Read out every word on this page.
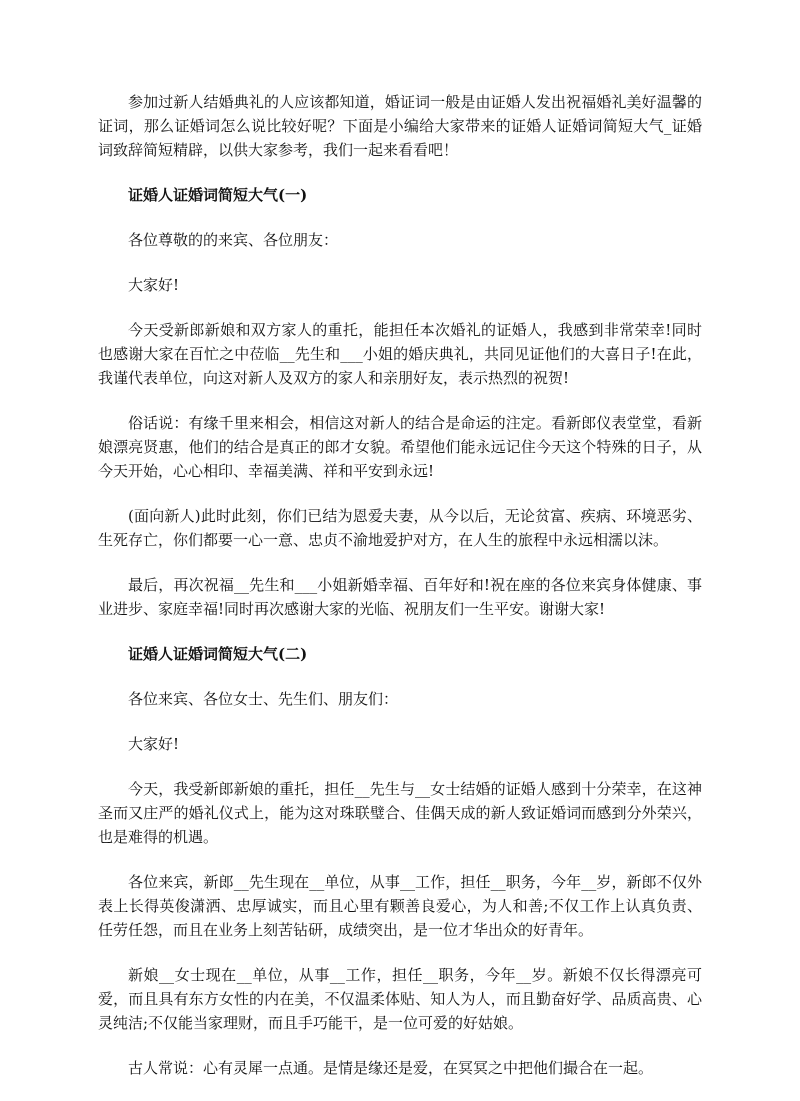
参加过新人结婚典礼的人应该都知道，婚证词一般是由证婚人发出祝福婚礼美好温馨的证词，那么证婚词怎么说比较好呢？下面是小编给大家带来的证婚人证婚词简短大气_证婚词致辞简短精辟，以供大家参考，我们一起来看看吧！

证婚人证婚词简短大气(一)

各位尊敬的的来宾、各位朋友：

大家好!

今天受新郎新娘和双方家人的重托，能担任本次婚礼的证婚人，我感到非常荣幸!同时也感谢大家在百忙之中莅临__先生和___小姐的婚庆典礼，共同见证他们的大喜日子!在此，我谨代表单位，向这对新人及双方的家人和亲朋好友，表示热烈的祝贺!

俗话说：有缘千里来相会，相信这对新人的结合是命运的注定。看新郎仪表堂堂，看新娘漂亮贤惠，他们的结合是真正的郎才女貌。希望他们能永远记住今天这个特殊的日子，从今天开始，心心相印、幸福美满、祥和平安到永远!

(面向新人)此时此刻，你们已结为恩爱夫妻，从今以后，无论贫富、疾病、环境恶劣、生死存亡，你们都要一心一意、忠贞不渝地爱护对方，在人生的旅程中永远相濡以沫。

最后，再次祝福__先生和___小姐新婚幸福、百年好和!祝在座的各位来宾身体健康、事业进步、家庭幸福!同时再次感谢大家的光临、祝朋友们一生平安。谢谢大家!

证婚人证婚词简短大气(二)

各位来宾、各位女士、先生们、朋友们：

大家好!

今天，我受新郎新娘的重托，担任__先生与__女士结婚的证婚人感到十分荣幸，在这神圣而又庄严的婚礼仪式上，能为这对珠联璧合、佳偶天成的新人致证婚词而感到分外荣兴，也是难得的机遇。

各位来宾，新郎__先生现在__单位，从事__工作，担任__职务，今年__岁，新郎不仅外表上长得英俊潇洒、忠厚诚实，而且心里有颗善良爱心，为人和善;不仅工作上认真负责、任劳任怨，而且在业务上刻苦钻研，成绩突出，是一位才华出众的好青年。

新娘__女士现在__单位，从事__工作，担任__职务，今年__岁。新娘不仅长得漂亮可爱，而且具有东方女性的内在美，不仅温柔体贴、知人为人，而且勤奋好学、品质高贵、心灵纯洁;不仅能当家理财，而且手巧能干，是一位可爱的好姑娘。

古人常说：心有灵犀一点通。是情是缘还是爱，在冥冥之中把他们撮合在一起。
